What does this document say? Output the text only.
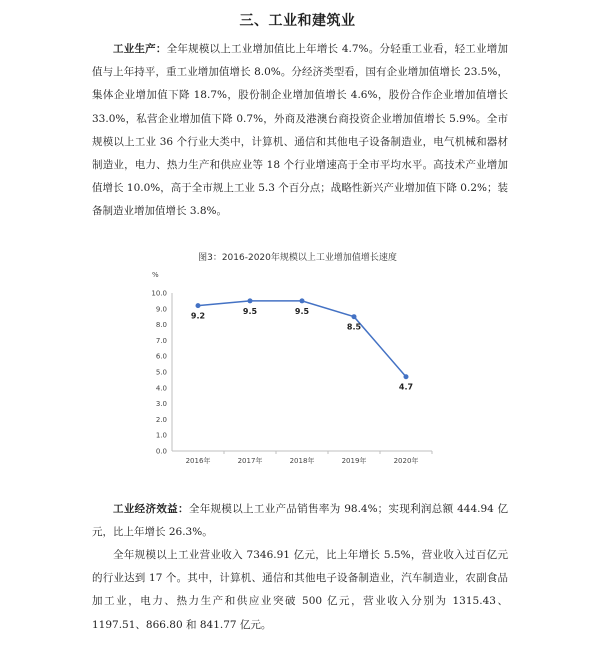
三、工业和建筑业
工业生产：全年规模以上工业增加值比上年增长 4.7%。分轻重工业看，轻工业增加值与上年持平，重工业增加值增长 8.0%。分经济类型看，国有企业增加值增长 23.5%，集体企业增加值下降 18.7%，股份制企业增加值增长 4.6%，股份合作企业增加值增长 33.0%，私营企业增加值下降 0.7%，外商及港澳台商投资企业增加值增长 5.9%。全市规模以上工业 36 个行业大类中，计算机、通信和其他电子设备制造业，电气机械和器材制造业，电力、热力生产和供应业等 18 个行业增速高于全市平均水平。高技术产业增加值增长 10.0%，高于全市规上工业 5.3 个百分点；战略性新兴产业增加值下降 0.2%；装备制造业增加值增长 3.8%。
图3：2016-2020年规模以上工业增加值增长速度
%
0.0
1.0
2.0
3.0
4.0
5.0
6.0
7.0
8.0
9.0
10.0
2016年	2017年	2018年	2019年	2020年
9.2
9.5	9.5
8.5
4.7
工业经济效益：全年规模以上工业产品销售率为 98.4%；实现利润总额 444.94 亿元，比上年增长 26.3%。
全年规模以上工业营业收入 7346.91 亿元，比上年增长 5.5%，营业收入过百亿元的行业达到 17 个。其中，计算机、通信和其他电子设备制造业，汽车制造业，农副食品加工业，电力、热力生产和供应业突破 500 亿元，营业收入分别为 1315.43、1197.51、866.80 和 841.77 亿元。
